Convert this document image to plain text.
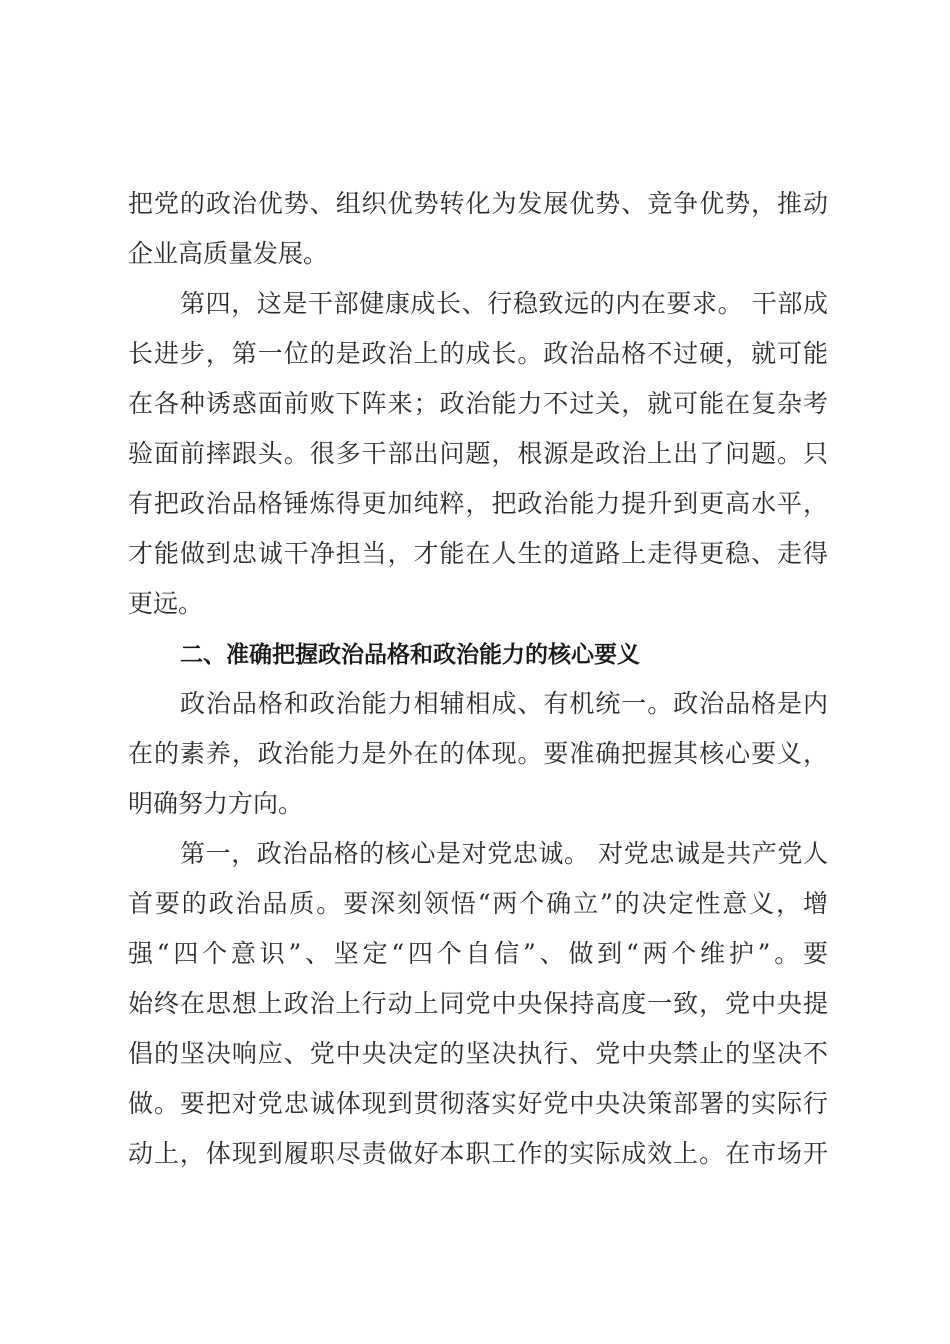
把党的政治优势、组织优势转化为发展优势、竞争优势，推动
企业高质量发展。
第四，这是干部健康成长、行稳致远的内在要求。 干部成
长进步，第一位的是政治上的成长。政治品格不过硬，就可能
在各种诱惑面前败下阵来；政治能力不过关，就可能在复杂考
验面前摔跟头。很多干部出问题，根源是政治上出了问题。只
有把政治品格锤炼得更加纯粹，把政治能力提升到更高水平，
才能做到忠诚干净担当，才能在人生的道路上走得更稳、走得
更远。
二、准确把握政治品格和政治能力的核心要义
政治品格和政治能力相辅相成、有机统一。政治品格是内
在的素养，政治能力是外在的体现。要准确把握其核心要义，
明确努力方向。
第一，政治品格的核心是对党忠诚。 对党忠诚是共产党人
首要的政治品质。要深刻领悟“两个确立”的决定性意义，增
强“四个意识”、坚定“四个自信”、做到“两个维护”。要
始终在思想上政治上行动上同党中央保持高度一致，党中央提
倡的坚决响应、党中央决定的坚决执行、党中央禁止的坚决不
做。要把对党忠诚体现到贯彻落实好党中央决策部署的实际行
动上，体现到履职尽责做好本职工作的实际成效上。在市场开
